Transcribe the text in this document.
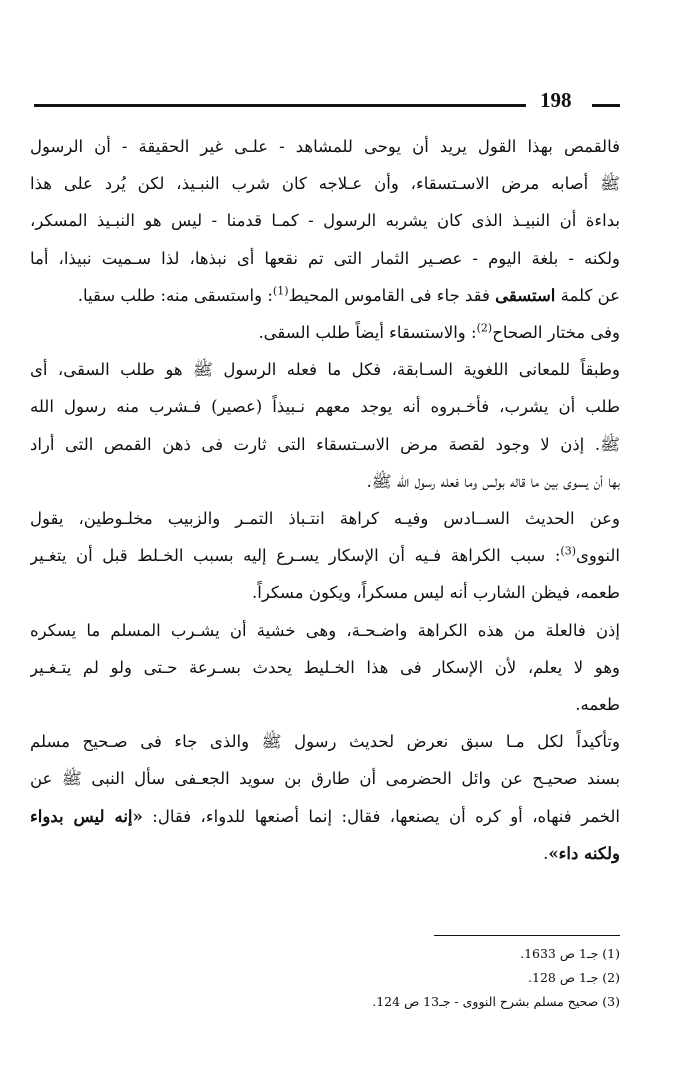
198
فالقمص بهذا القول يريد أن يوحى للمشاهد - علـى غير الحقيقة - أن الرسول
ﷺ أصابه مرض الاسـتسقاء، وأن عـلاجه كان شرب النبـيذ، لكن يُرد على هذا
بداءة أن النبيـذ الذى كان يشربه الرسول - كمـا قدمنا - ليس هو النبـيذ المسكر،
ولكنه - بلغة اليوم - عصـير الثمار التى تم نقعها أى نبذها، لذا سـميت نبيذا، أما
عن كلمة استسقى فقد جاء فى القاموس المحيط$^{(1)}$: واستسقى منه: طلب سقيا.
وفى مختار الصحاح$^{(2)}$: والاستسقاء أيضاً طلب السقى.
وطبقاً للمعانى اللغوية السـابقة، فكل ما فعله الرسول ﷺ هو طلب السقى، أى
طلب أن يشرب، فأخـبروه أنه يوجد معهم نـبيذاً (عصير) فـشرب منه رسول الله
ﷺ. إذن لا وجود لقصة مرض الاسـتسقاء التى ثارت فى ذهن القمص التى أراد
بها أن يسوى بين ما قاله بولس وما فعله رسول الله ﷺ.
وعن الحديث الســادس وفيـه كراهة انتـباذ التمـر والزبيب مخلـوطين، يقول
النووى$^{(3)}$: سبب الكراهة فـيه أن الإسكار يسـرع إليه بسبب الخـلط قبل أن يتغـير
طعمه، فيظن الشارب أنه ليس مسكراً، ويكون مسكراً.
إذن فالعلة من هذه الكراهة واضـحـة، وهى خشية أن يشـرب المسلم ما يسكره
وهو لا يعلم، لأن الإسكار فى هذا الخـليط يحدث بسـرعة حـتى ولو لم يتـغـير
طعمه.
وتأكيداً لكل مـا سبق نعرض لحديث رسول ﷺ والذى جاء فى صـحيح مسلم
بسند صحيـح عن وائل الحضرمى أن طارق بن سويد الجعـفى سأل النبى ﷺ عن
الخمر فنهاه، أو كره أن يصنعها، فقال: إنما أصنعها للدواء، فقال: «إنه ليس بدواء
ولكنه داء».
(1) جـ1 ص 1633.
(2) جـ1 ص 128.
(3) صحيح مسلم بشرح النووى - جـ13 ص 124.
